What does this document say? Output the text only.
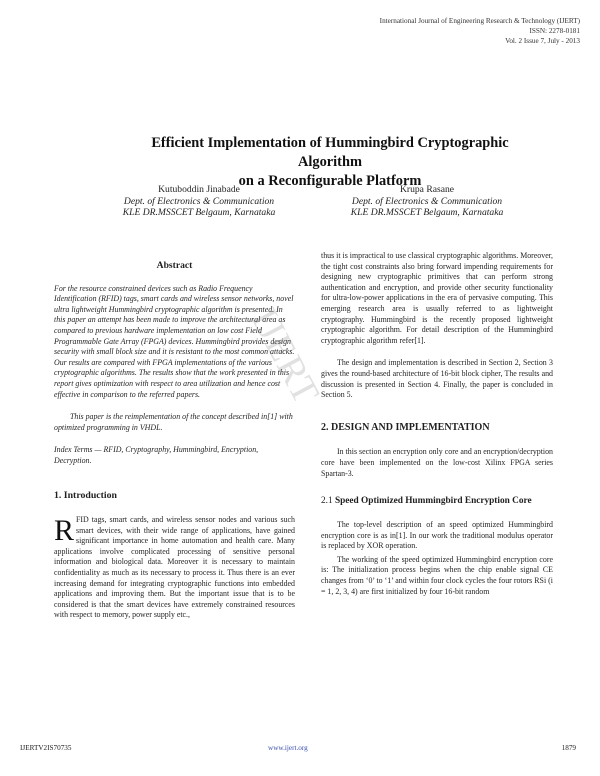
International Journal of Engineering Research & Technology (IJERT)
ISSN: 2278-0181
Vol. 2 Issue 7, July - 2013
Efficient Implementation of Hummingbird Cryptographic Algorithm
on a Reconfigurable Platform
Kutuboddin Jinabade
Dept. of Electronics & Communication
KLE DR.MSSCET Belgaum, Karnataka
Krupa Rasane
Dept. of Electronics & Communication
KLE DR.MSSCET Belgaum, Karnataka
IJERT
Abstract

For the resource constrained devices such as Radio Frequency Identification (RFID) tags, smart cards and wireless sensor networks, novel ultra lightweight Hummingbird cryptographic algorithm is presented. In this paper an attempt has been made to improve the architectural area as compared to previous hardware implementation on low cost Field Programmable Gate Array (FPGA) devices. Hummingbird provides design security with small block size and it is resistant to the most common attacks. Our results are compared with FPGA implementations of the various cryptographic algorithms. The results show that the work presented in this report gives optimization with respect to area utilization and hence cost effective in comparison to the referred papers.

This paper is the reimplementation of the concept described in[1] with optimized programming in VHDL.

Index Terms — RFID, Cryptography, Hummingbird, Encryption, Decryption.

1. Introduction

RFID tags, smart cards, and wireless sensor nodes and various such smart devices, with their wide range of applications, have gained significant importance in home automation and health care. Many applications involve complicated processing of sensitive personal information and biological data. Moreover it is necessary to maintain confidentiality as much as its necessary to process it. Thus there is an ever increasing demand for integrating cryptographic functions into embedded applications and improving them. But the important issue that is to be considered is that the smart devices have extremely constrained resources with respect to memory, power supply etc.,

thus it is impractical to use classical cryptographic algorithms. Moreover, the tight cost constraints also bring forward impending requirements for designing new cryptographic primitives that can perform strong authentication and encryption, and provide other security functionality for ultra-low-power applications in the era of pervasive computing. This emerging research area is usually referred to as lightweight cryptography. Hummingbird is the recently proposed lightweight cryptographic algorithm. For detail description of the Hummingbird cryptographic algorithm refer[1].

The design and implementation is described in Section 2, Section 3 gives the round-based architecture of 16-bit block cipher, The results and discussion is presented in Section 4. Finally, the paper is concluded in Section 5.

2. DESIGN AND IMPLEMENTATION

In this section an encryption only core and an encryption/decryption core have been implemented on the low-cost Xilinx FPGA series Spartan-3.

2.1 Speed Optimized Hummingbird Encryption Core

The top-level description of an speed optimized Hummingbird encryption core is as in[1]. In our work the traditional modulus operator is replaced by XOR operation.

The working of the speed optimized Hummingbird encryption core is: The initialization process begins when the chip enable signal CE changes from ‘0’ to ‘1’ and within four clock cycles the four rotors RSi (i = 1, 2, 3, 4) are first initialized by four 16-bit random

IJERTV2IS70735	www.ijert.org	1879
